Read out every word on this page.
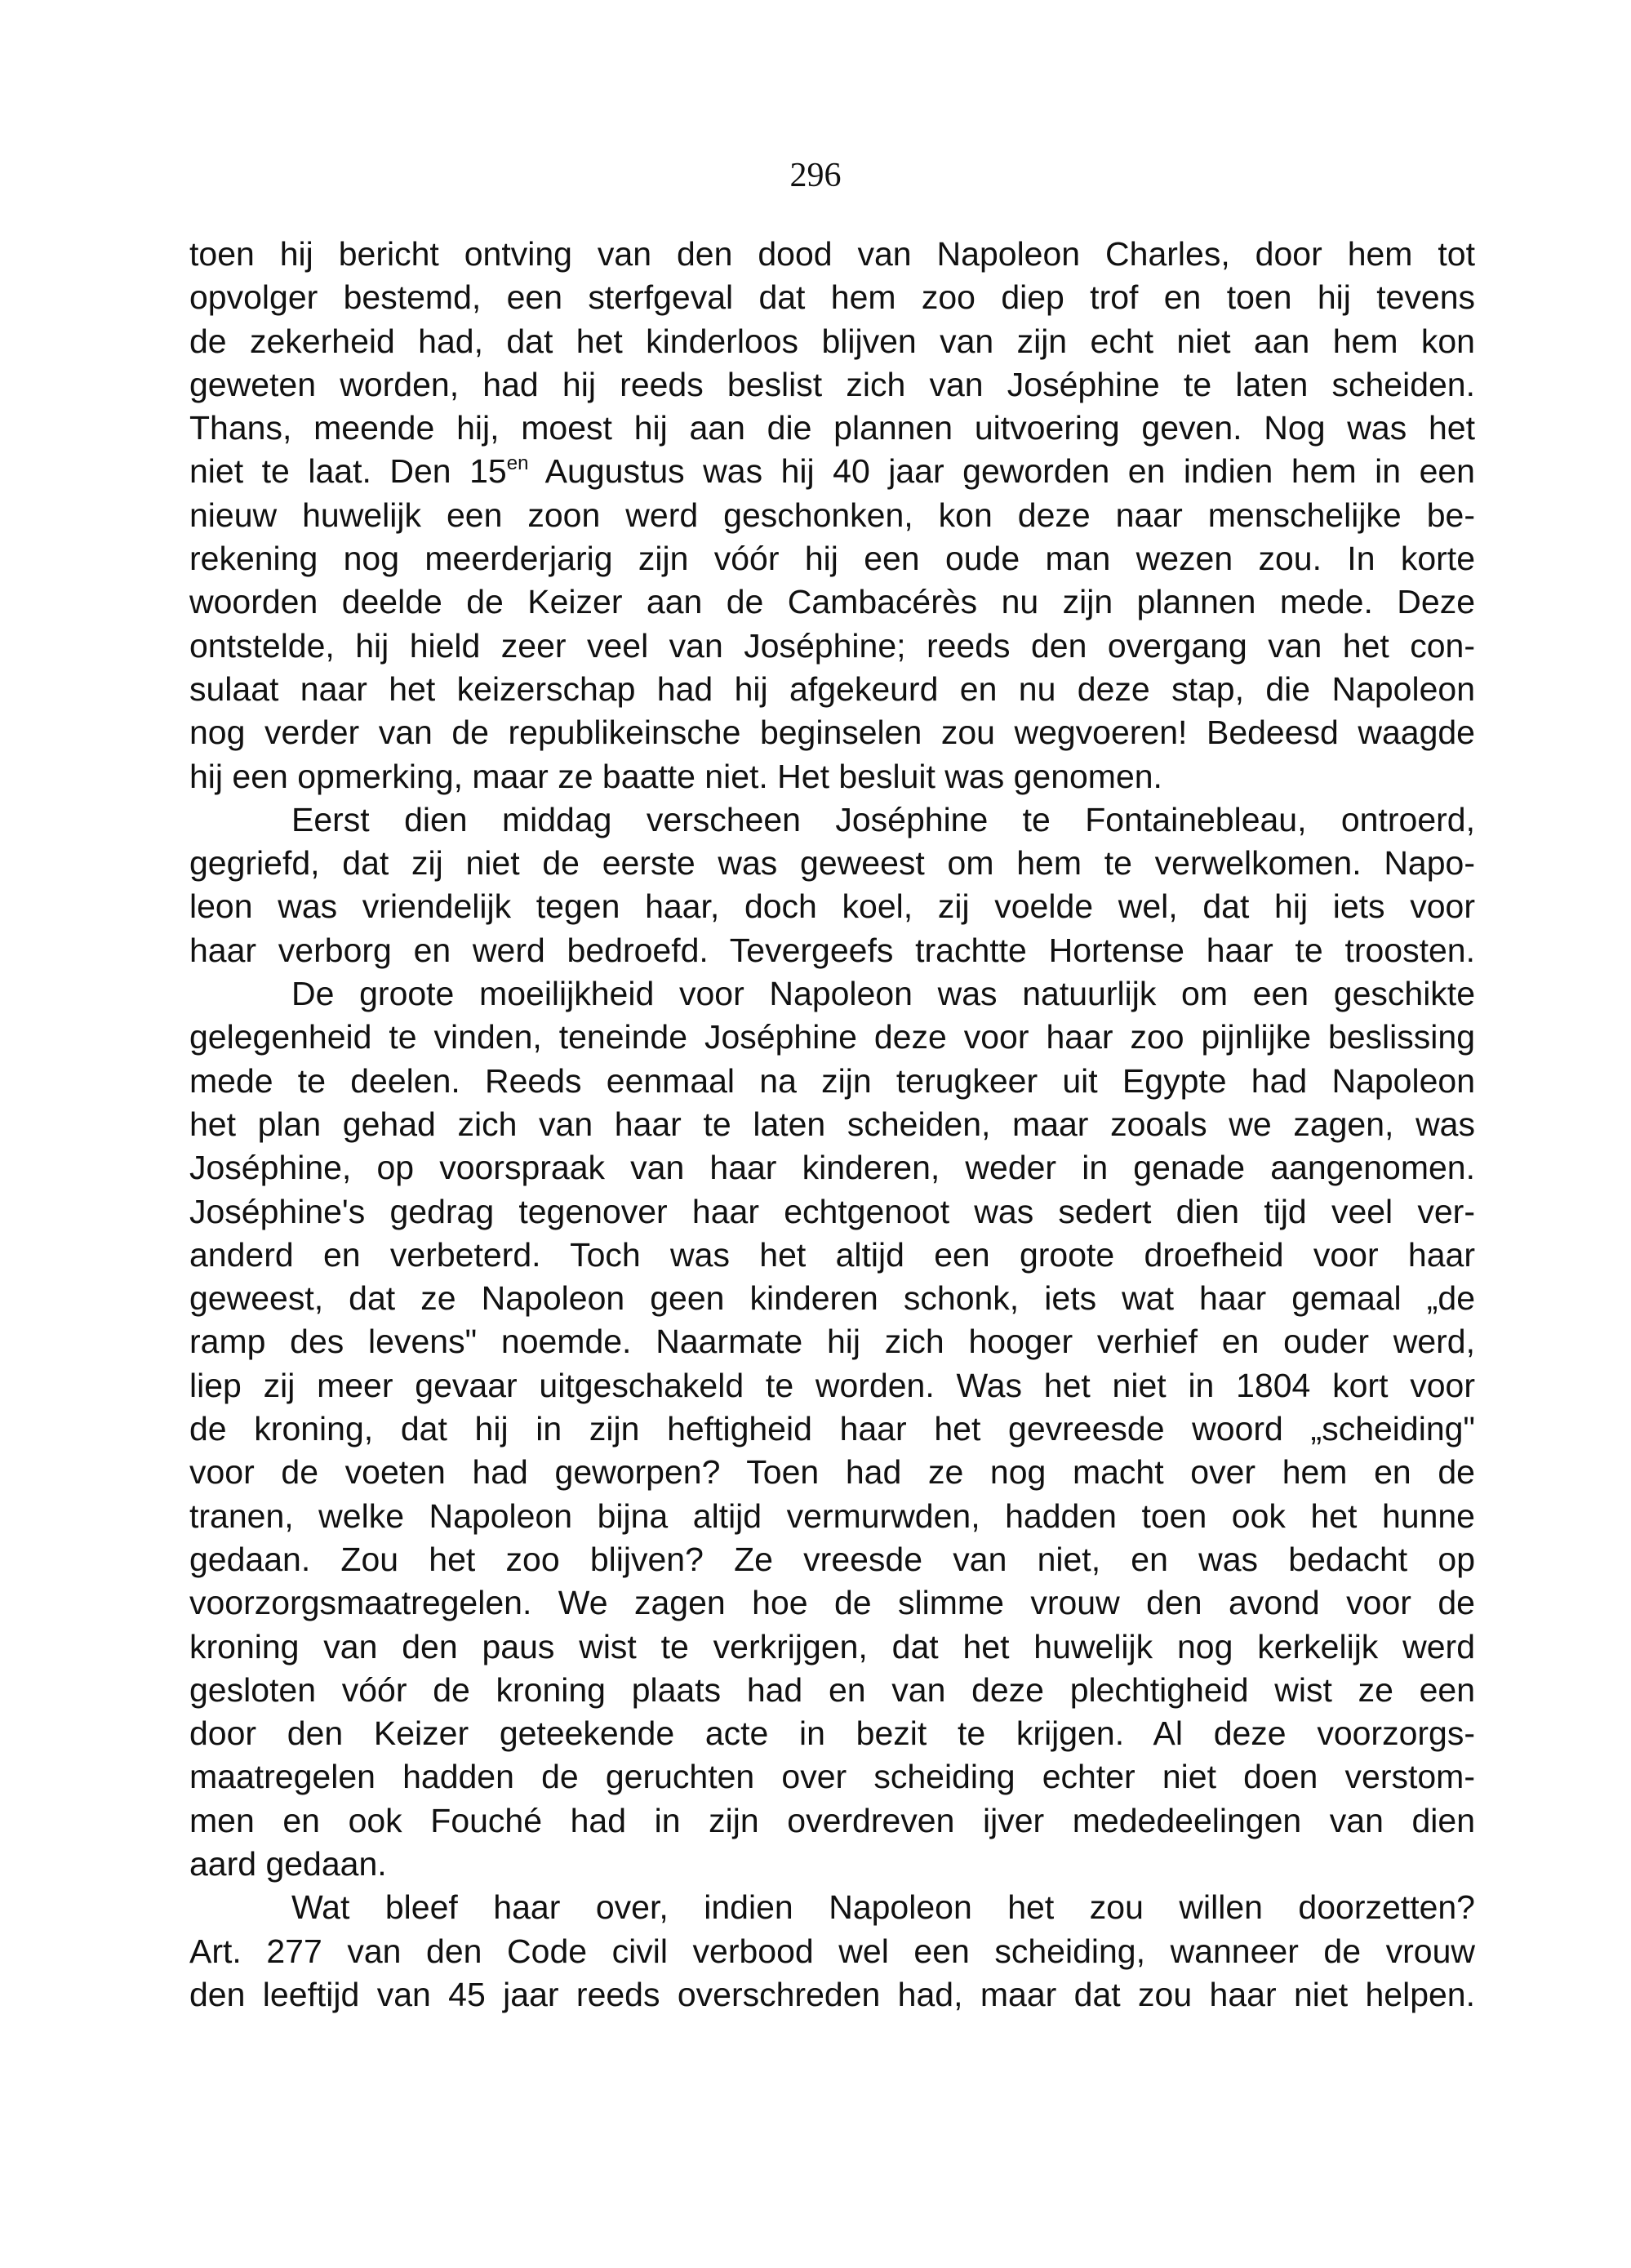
296
toen hij bericht ontving van den dood van Napoleon Charles, door hem tot
opvolger bestemd, een sterfgeval dat hem zoo diep trof en toen hij tevens
de zekerheid had, dat het kinderloos blijven van zijn echt niet aan hem kon
geweten worden, had hij reeds beslist zich van Joséphine te laten scheiden.
Thans, meende hij, moest hij aan die plannen uitvoering geven. Nog was het
niet te laat. Den $15^{en}$ Augustus was hij 40 jaar geworden en indien hem in een
nieuw huwelijk een zoon werd geschonken, kon deze naar menschelijke be-
rekening nog meerderjarig zijn vóór hij een oude man wezen zou. In korte
woorden deelde de Keizer aan de Cambacérès nu zijn plannen mede. Deze
ontstelde, hij hield zeer veel van Joséphine; reeds den overgang van het con-
sulaat naar het keizerschap had hij afgekeurd en nu deze stap, die Napoleon
nog verder van de republikeinsche beginselen zou wegvoeren! Bedeesd waagde
hij een opmerking, maar ze baatte niet. Het besluit was genomen.
Eerst dien middag verscheen Joséphine te Fontainebleau, ontroerd,
gegriefd, dat zij niet de eerste was geweest om hem te verwelkomen. Napo-
leon was vriendelijk tegen haar, doch koel, zij voelde wel, dat hij iets voor
haar verborg en werd bedroefd. Tevergeefs trachtte Hortense haar te troosten.
De groote moeilijkheid voor Napoleon was natuurlijk om een geschikte
gelegenheid te vinden, teneinde Joséphine deze voor haar zoo pijnlijke beslissing
mede te deelen. Reeds eenmaal na zijn terugkeer uit Egypte had Napoleon
het plan gehad zich van haar te laten scheiden, maar zooals we zagen, was
Joséphine, op voorspraak van haar kinderen, weder in genade aangenomen.
Joséphine's gedrag tegenover haar echtgenoot was sedert dien tijd veel ver-
anderd en verbeterd. Toch was het altijd een groote droefheid voor haar
geweest, dat ze Napoleon geen kinderen schonk, iets wat haar gemaal „de
ramp des levens" noemde. Naarmate hij zich hooger verhief en ouder werd,
liep zij meer gevaar uitgeschakeld te worden. Was het niet in 1804 kort voor
de kroning, dat hij in zijn heftigheid haar het gevreesde woord „scheiding"
voor de voeten had geworpen? Toen had ze nog macht over hem en de
tranen, welke Napoleon bijna altijd vermurwden, hadden toen ook het hunne
gedaan. Zou het zoo blijven? Ze vreesde van niet, en was bedacht op
voorzorgsmaatregelen. We zagen hoe de slimme vrouw den avond voor de
kroning van den paus wist te verkrijgen, dat het huwelijk nog kerkelijk werd
gesloten vóór de kroning plaats had en van deze plechtigheid wist ze een
door den Keizer geteekende acte in bezit te krijgen. Al deze voorzorgs-
maatregelen hadden de geruchten over scheiding echter niet doen verstom-
men en ook Fouché had in zijn overdreven ijver mededeelingen van dien
aard gedaan.
Wat bleef haar over, indien Napoleon het zou willen doorzetten?
Art. 277 van den Code civil verbood wel een scheiding, wanneer de vrouw
den leeftijd van 45 jaar reeds overschreden had, maar dat zou haar niet helpen.
